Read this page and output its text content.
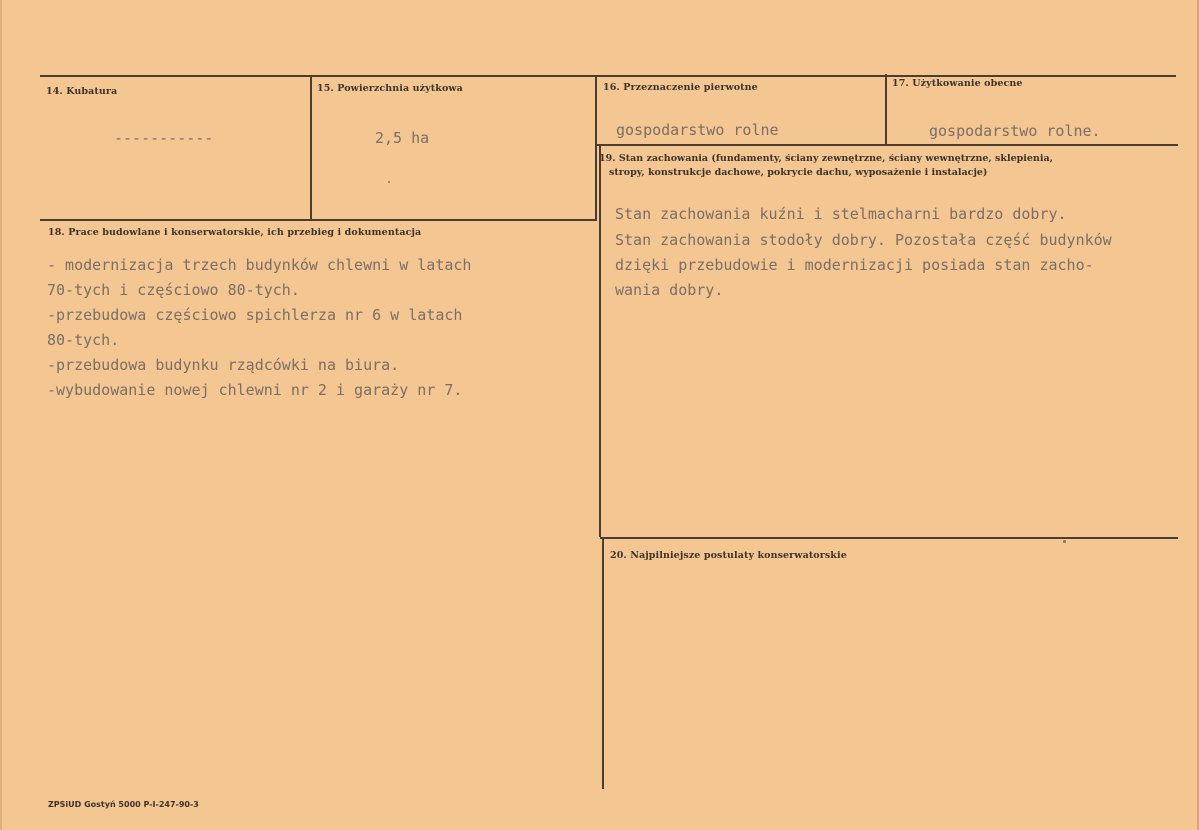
14. Kubatura
-----------
15. Powierzchnia użytkowa
2,5 ha
16. Przeznaczenie pierwotne
gospodarstwo rolne
17. Użytkowanie obecne
gospodarstwo rolne.
19. Stan zachowania (fundamenty, ściany zewnętrzne, ściany wewnętrzne, sklepienia,
stropy, konstrukcje dachowe, pokrycie dachu, wyposażenie i instalacje)
Stan zachowania kuźni i stelmacharni bardzo dobry.
Stan zachowania stodoły dobry. Pozostała część budynków
dzięki przebudowie i modernizacji posiada stan zacho-
wania dobry.
18. Prace budowlane i konserwatorskie, ich przebieg i dokumentacja
- modernizacja trzech budynków chlewni w latach
70-tych i częściowo 80-tych.
-przebudowa częściowo spichlerza nr 6 w latach
80-tych.
-przebudowa budynku rządcówki na biura.
-wybudowanie nowej chlewni nr 2 i garaży nr 7.
20. Najpilniejsze postulaty konserwatorskie
ZPSiUD Gostyń 5000 P-I-247-90-3
